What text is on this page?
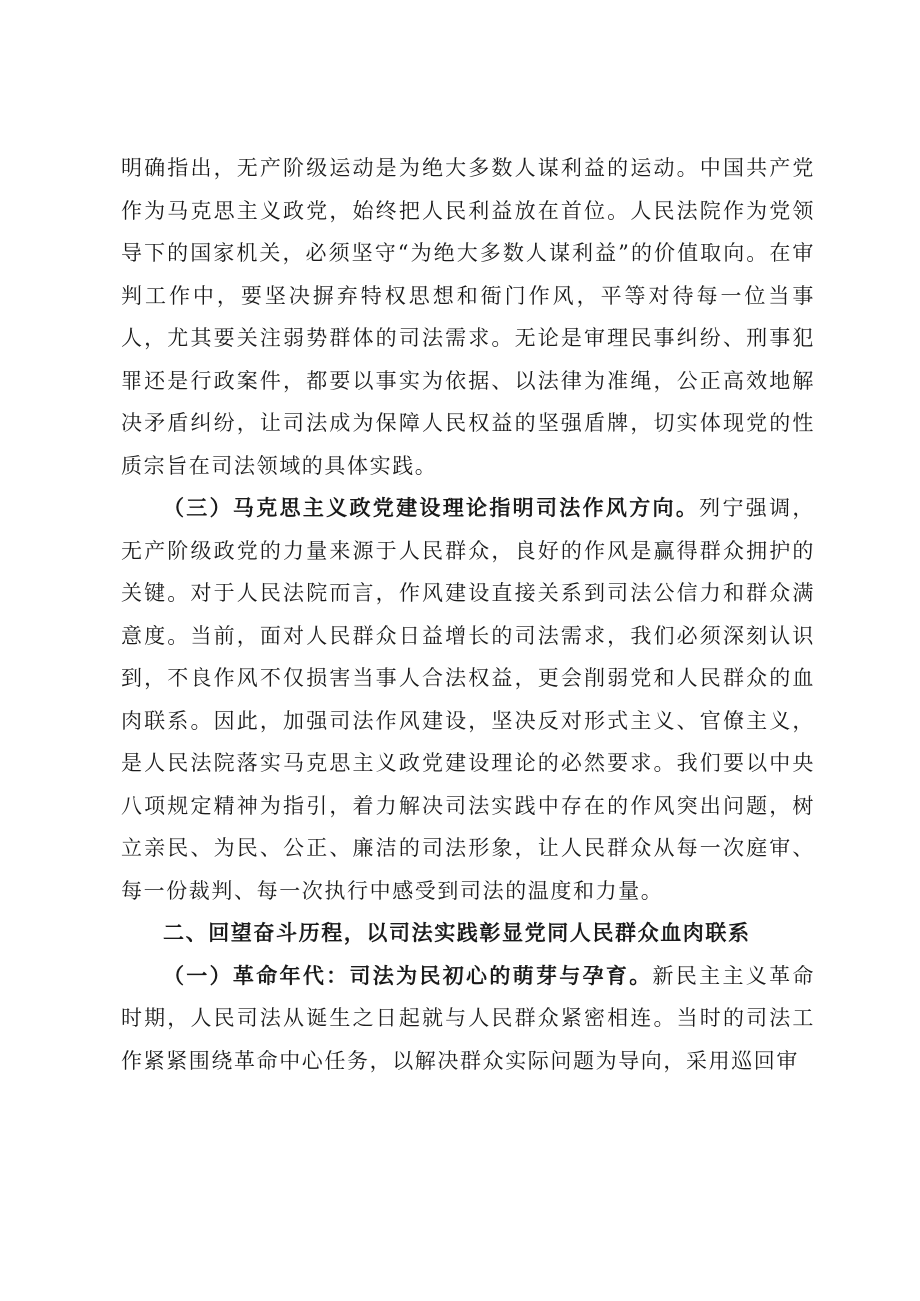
明确指出，无产阶级运动是为绝大多数人谋利益的运动。中国共产党作为马克思主义政党，始终把人民利益放在首位。人民法院作为党领导下的国家机关，必须坚守“为绝大多数人谋利益”的价值取向。在审判工作中，要坚决摒弃特权思想和衙门作风，平等对待每一位当事人，尤其要关注弱势群体的司法需求。无论是审理民事纠纷、刑事犯罪还是行政案件，都要以事实为依据、以法律为准绳，公正高效地解决矛盾纠纷，让司法成为保障人民权益的坚强盾牌，切实体现党的性质宗旨在司法领域的具体实践。

（三）马克思主义政党建设理论指明司法作风方向。列宁强调，无产阶级政党的力量来源于人民群众，良好的作风是赢得群众拥护的关键。对于人民法院而言，作风建设直接关系到司法公信力和群众满意度。当前，面对人民群众日益增长的司法需求，我们必须深刻认识到，不良作风不仅损害当事人合法权益，更会削弱党和人民群众的血肉联系。因此，加强司法作风建设，坚决反对形式主义、官僚主义，是人民法院落实马克思主义政党建设理论的必然要求。我们要以中央八项规定精神为指引，着力解决司法实践中存在的作风突出问题，树立亲民、为民、公正、廉洁的司法形象，让人民群众从每一次庭审、每一份裁判、每一次执行中感受到司法的温度和力量。

二、回望奋斗历程，以司法实践彰显党同人民群众血肉联系

（一）革命年代：司法为民初心的萌芽与孕育。新民主主义革命时期，人民司法从诞生之日起就与人民群众紧密相连。当时的司法工作紧紧围绕革命中心任务，以解决群众实际问题为导向，采用巡回审
